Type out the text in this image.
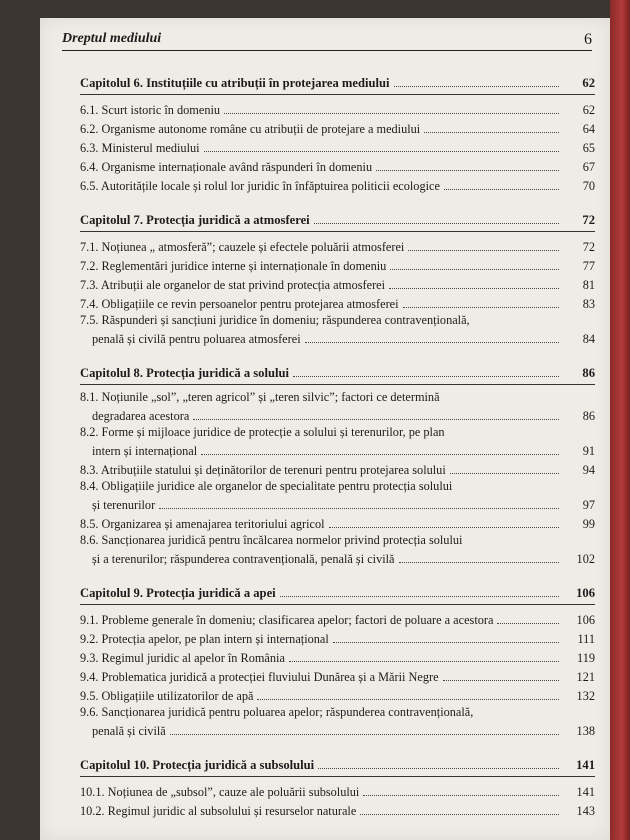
Dreptul mediului	6
Capitolul 6. Instituțiile cu atribuții în protejarea mediului	62
6.1. Scurt istoric în domeniu	62
6.2. Organisme autonome române cu atribuții de protejare a mediului	64
6.3. Ministerul mediului	65
6.4. Organisme internaționale având răspunderi în domeniu	67
6.5. Autoritățile locale și rolul lor juridic în înfăptuirea politicii ecologice	70
Capitolul 7. Protecția juridică a atmosferei	72
7.1. Noțiunea „ atmosferă”; cauzele și efectele poluării atmosferei	72
7.2. Reglementări juridice interne și internaționale în domeniu	77
7.3. Atribuții ale organelor de stat privind protecția atmosferei	81
7.4. Obligațiile ce revin persoanelor pentru protejarea atmosferei	83
7.5. Răspunderi și sancțiuni juridice în domeniu; răspunderea contravențională,
penală și civilă pentru poluarea atmosferei	84
Capitolul 8. Protecția juridică a solului	86
8.1. Noțiunile „sol”, „teren agricol” și „teren silvic”; factori ce determină
degradarea acestora	86
8.2. Forme și mijloace juridice de protecție a solului și terenurilor, pe plan
intern și internațional	91
8.3. Atribuțiile statului și deținătorilor de terenuri pentru protejarea solului	94
8.4. Obligațiile juridice ale organelor de specialitate pentru protecția solului
și terenurilor	97
8.5. Organizarea și amenajarea teritoriului agricol	99
8.6. Sancționarea juridică pentru încălcarea normelor privind protecția solului
și a terenurilor; răspunderea contravențională, penală și civilă	102
Capitolul 9. Protecția juridică a apei	106
9.1. Probleme generale în domeniu; clasificarea apelor; factori de poluare a acestora	106
9.2. Protecția apelor, pe plan intern și internațional	111
9.3. Regimul juridic al apelor în România	119
9.4. Problematica juridică a protecției fluviului Dunărea și a Mării Negre	121
9.5. Obligațiile utilizatorilor de apă	132
9.6. Sancționarea juridică pentru poluarea apelor; răspunderea contravențională,
penală și civilă	138
Capitolul 10. Protecția juridică a subsolului	141
10.1. Noțiunea de „subsol”, cauze ale poluării subsolului	141
10.2. Regimul juridic al subsolului și resurselor naturale	143
